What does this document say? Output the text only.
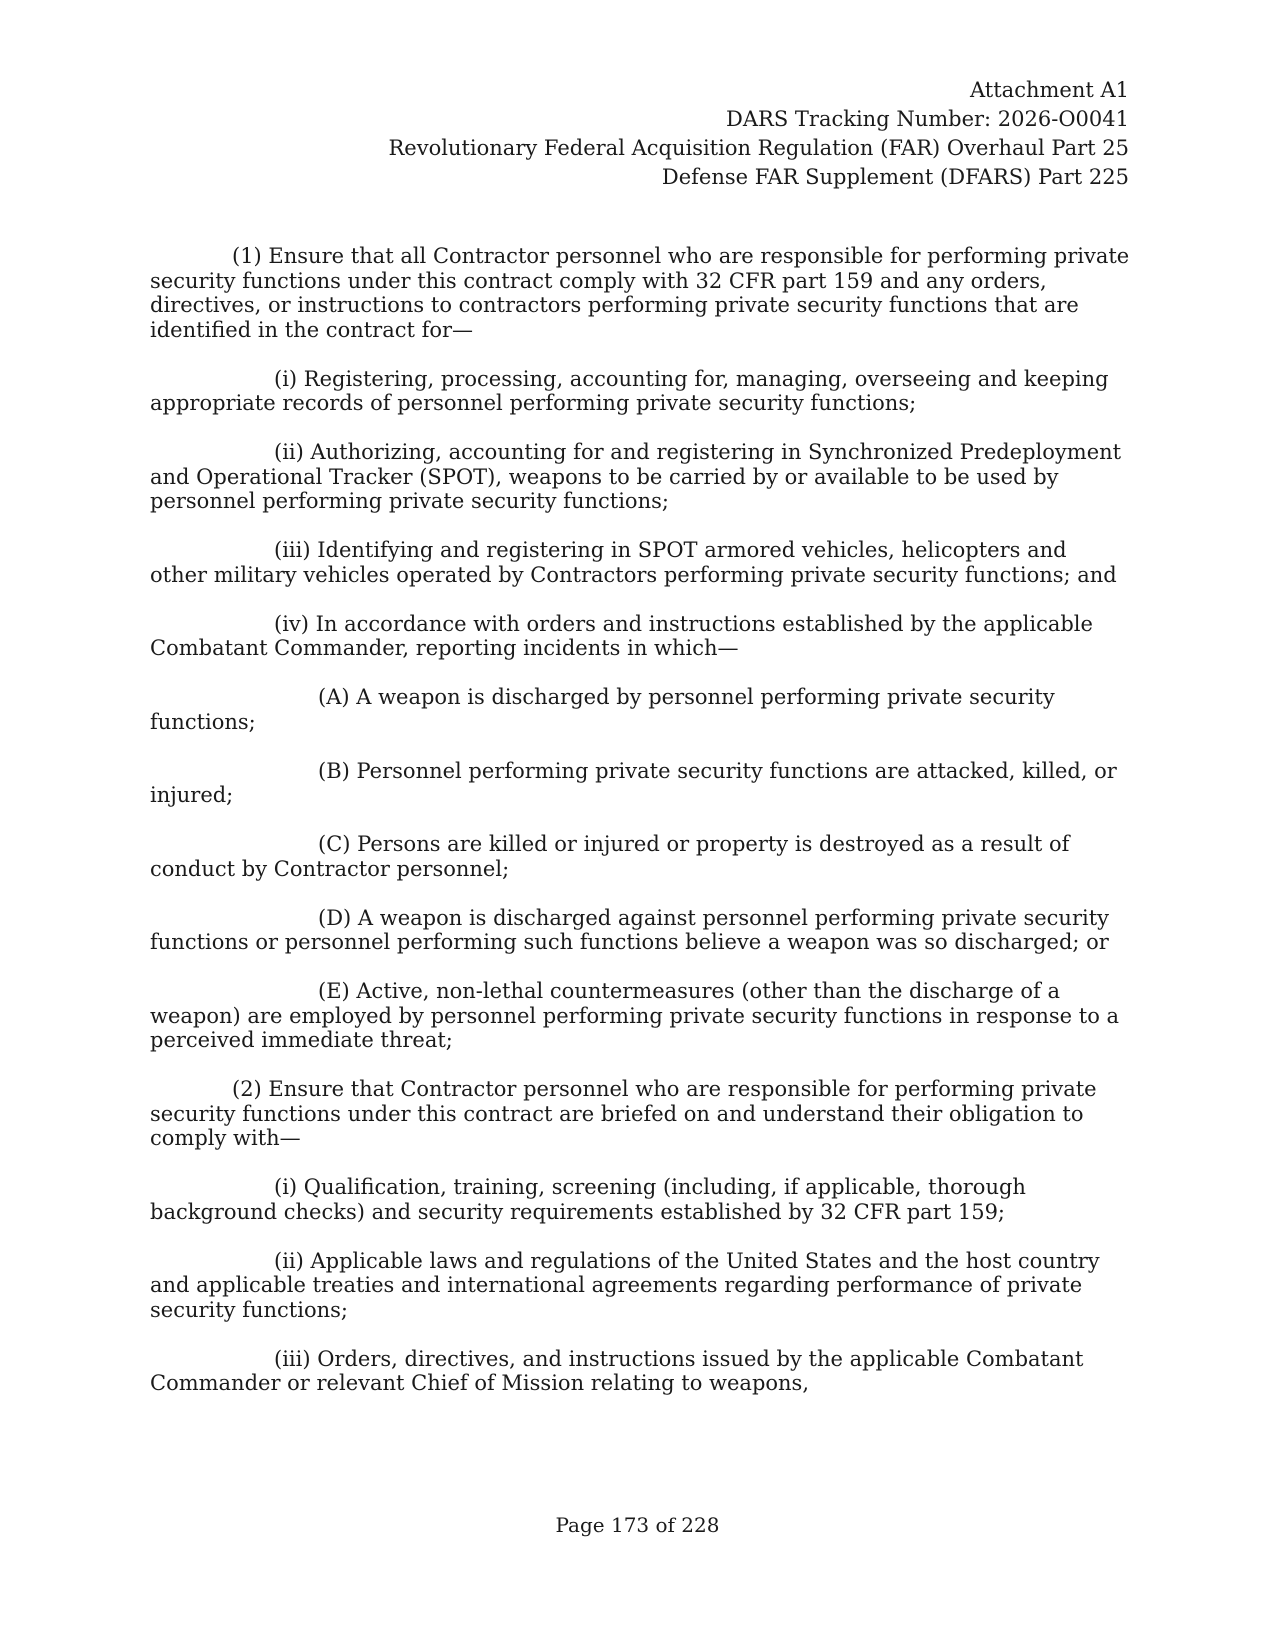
Attachment A1
DARS Tracking Number: 2026-O0041
Revolutionary Federal Acquisition Regulation (FAR) Overhaul Part 25
Defense FAR Supplement (DFARS) Part 225

(1) Ensure that all Contractor personnel who are responsible for performing private security functions under this contract comply with 32 CFR part 159 and any orders, directives, or instructions to contractors performing private security functions that are identified in the contract for—

(i) Registering, processing, accounting for, managing, overseeing and keeping appropriate records of personnel performing private security functions;

(ii) Authorizing, accounting for and registering in Synchronized Predeployment and Operational Tracker (SPOT), weapons to be carried by or available to be used by personnel performing private security functions;

(iii) Identifying and registering in SPOT armored vehicles, helicopters and other military vehicles operated by Contractors performing private security functions; and

(iv) In accordance with orders and instructions established by the applicable Combatant Commander, reporting incidents in which—

(A) A weapon is discharged by personnel performing private security functions;

(B) Personnel performing private security functions are attacked, killed, or injured;

(C) Persons are killed or injured or property is destroyed as a result of conduct by Contractor personnel;

(D) A weapon is discharged against personnel performing private security functions or personnel performing such functions believe a weapon was so discharged; or

(E) Active, non-lethal countermeasures (other than the discharge of a weapon) are employed by personnel performing private security functions in response to a perceived immediate threat;

(2) Ensure that Contractor personnel who are responsible for performing private security functions under this contract are briefed on and understand their obligation to comply with—

(i) Qualification, training, screening (including, if applicable, thorough background checks) and security requirements established by 32 CFR part 159;

(ii) Applicable laws and regulations of the United States and the host country and applicable treaties and international agreements regarding performance of private security functions;

(iii) Orders, directives, and instructions issued by the applicable Combatant Commander or relevant Chief of Mission relating to weapons,

Page 173 of 228
